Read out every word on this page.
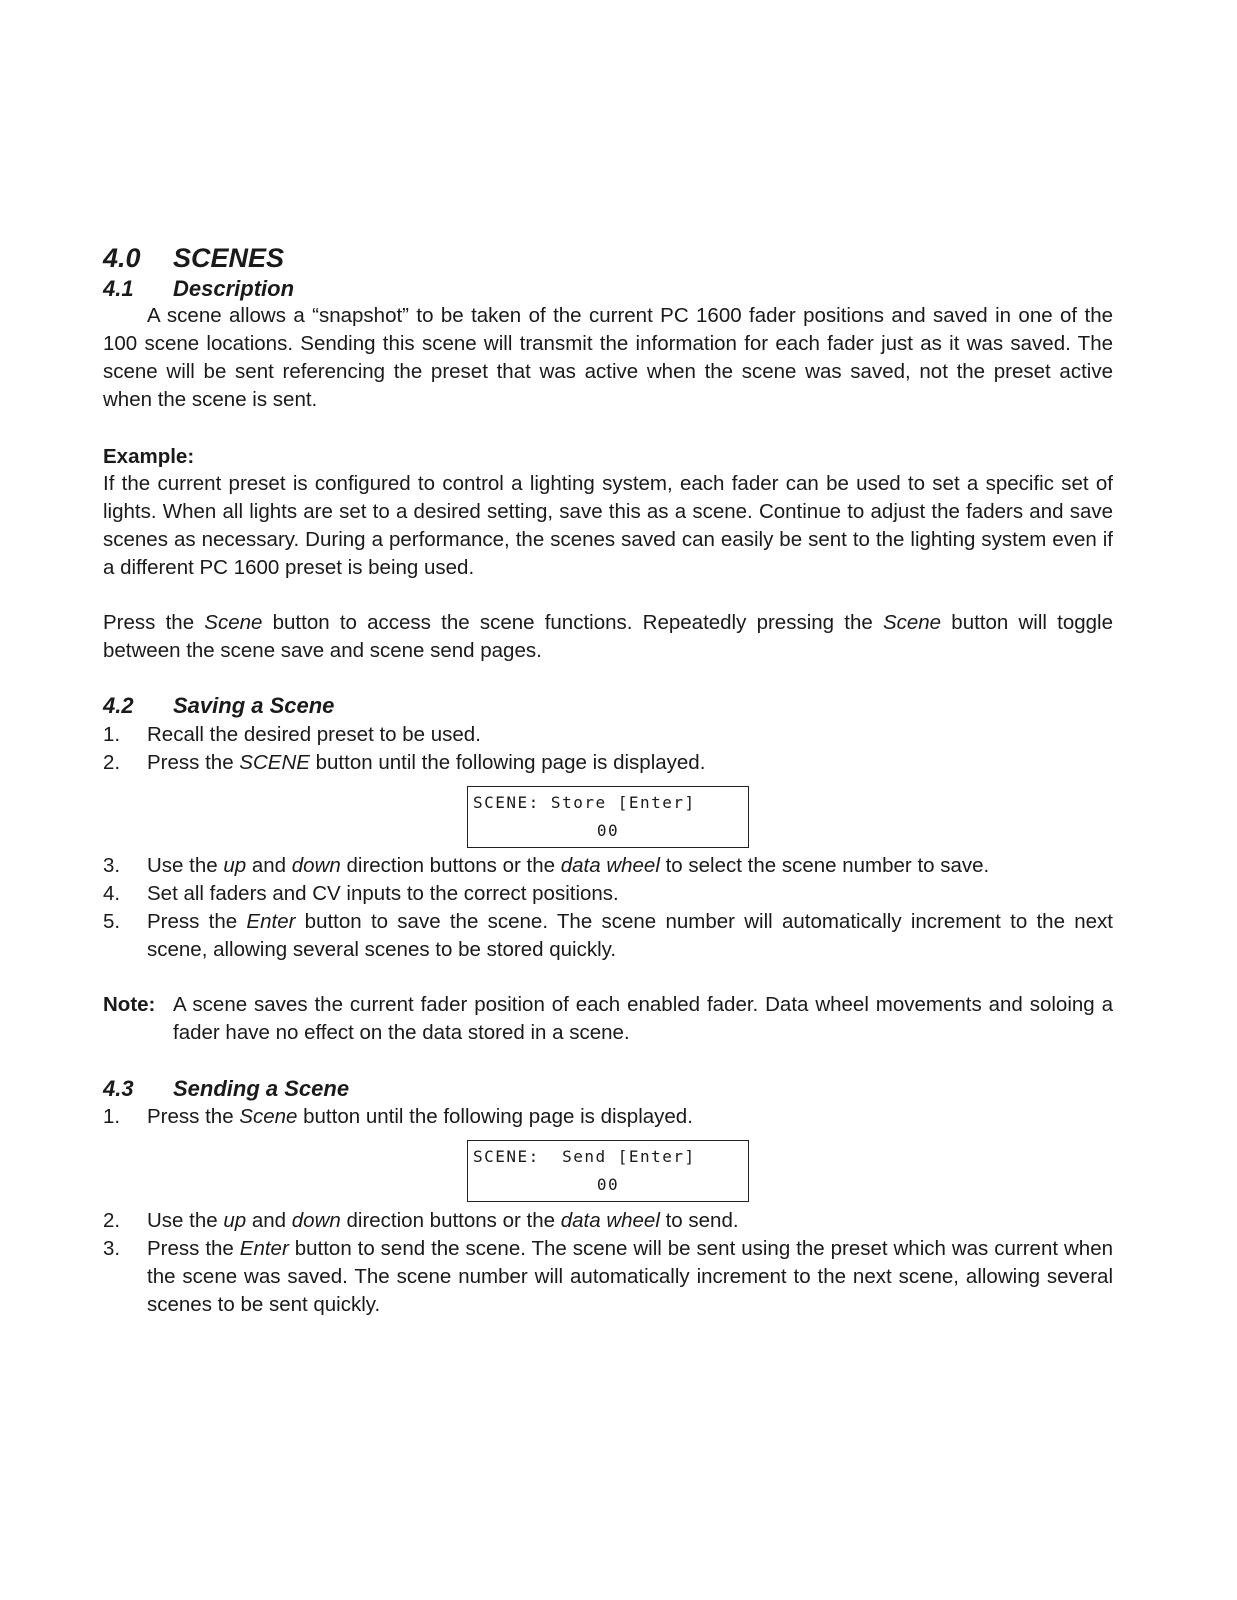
4.0 SCENES
4.1 Description
A scene allows a “snapshot” to be taken of the current PC 1600 fader positions and saved in one of the 100 scene locations. Sending this scene will transmit the information for each fader just as it was saved. The scene will be sent referencing the preset that was active when the scene was saved, not the preset active when the scene is sent.
Example:
If the current preset is configured to control a lighting system, each fader can be used to set a specific set of lights. When all lights are set to a desired setting, save this as a scene. Continue to adjust the faders and save scenes as necessary. During a performance, the scenes saved can easily be sent to the lighting system even if a different PC 1600 preset is being used.
Press the Scene button to access the scene functions. Repeatedly pressing the Scene button will toggle between the scene save and scene send pages.
4.2 Saving a Scene
1.	Recall the desired preset to be used.
2.	Press the SCENE button until the following page is displayed.
SCENE: Store [Enter]
00
3.	Use the up and down direction buttons or the data wheel to select the scene number to save.
4.	Set all faders and CV inputs to the correct positions.
5.	Press the Enter button to save the scene. The scene number will automatically increment to the next scene, allowing several scenes to be stored quickly.
Note: A scene saves the current fader position of each enabled fader. Data wheel movements and soloing a fader have no effect on the data stored in a scene.
4.3 Sending a Scene
1.	Press the Scene button until the following page is displayed.
SCENE:  Send [Enter]
00
2.	Use the up and down direction buttons or the data wheel to send.
3.	Press the Enter button to send the scene. The scene will be sent using the preset which was current when the scene was saved. The scene number will automatically increment to the next scene, allowing several scenes to be sent quickly.
